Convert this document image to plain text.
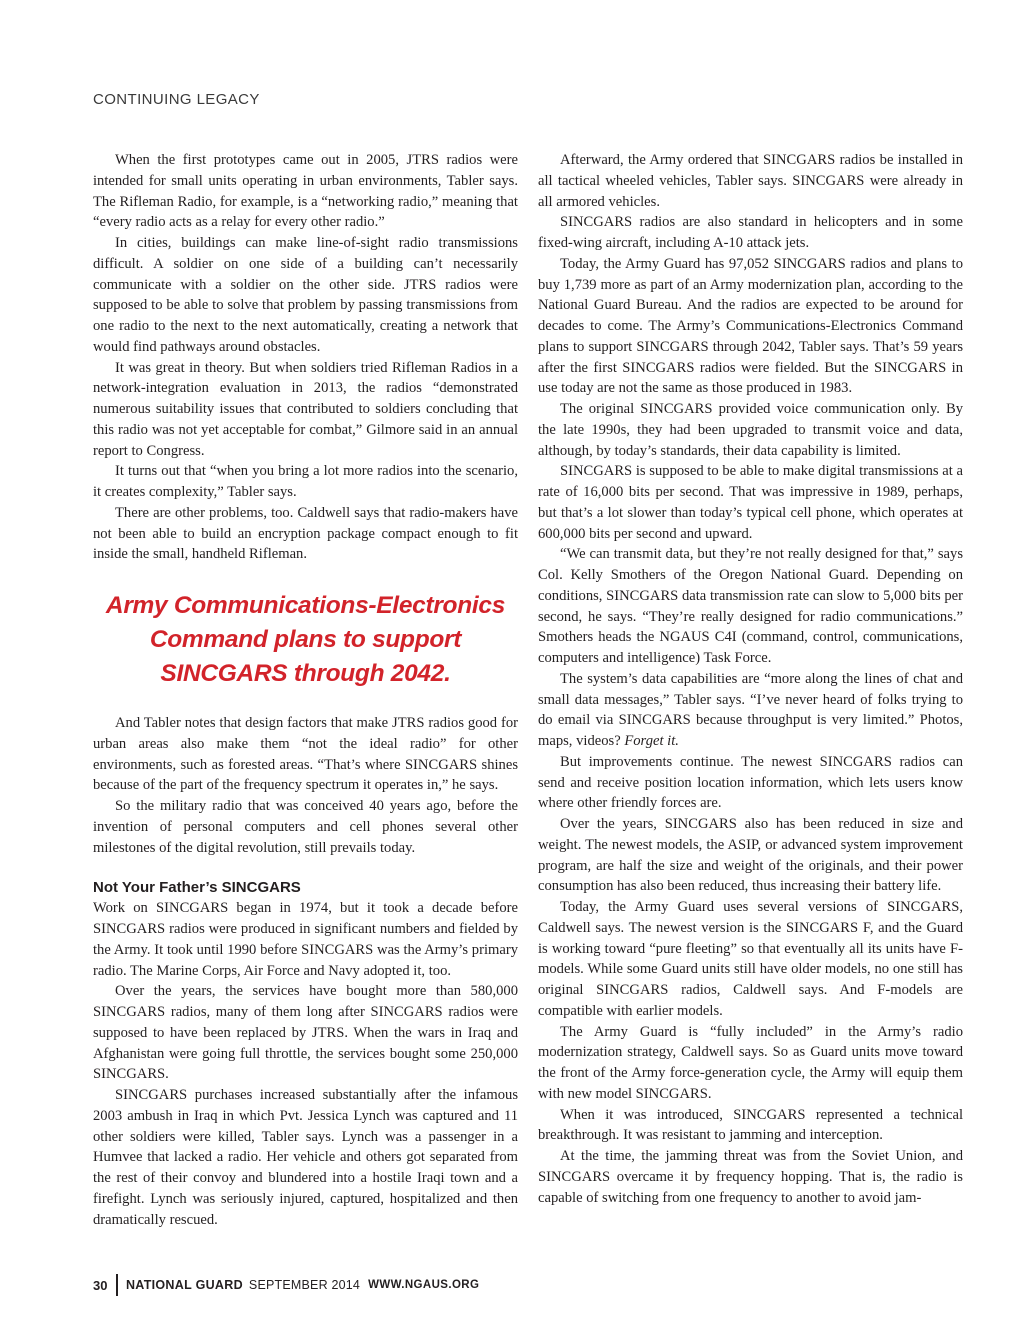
CONTINUING LEGACY

When the first prototypes came out in 2005, JTRS radios were intended for small units operating in urban environments, Tabler says. The Rifleman Radio, for example, is a “networking radio,” meaning that “every radio acts as a relay for every other radio.”

In cities, buildings can make line-of-sight radio transmissions difficult. A soldier on one side of a building can’t necessarily communicate with a soldier on the other side. JTRS radios were supposed to be able to solve that problem by passing transmissions from one radio to the next to the next automatically, creating a network that would find pathways around obstacles.

It was great in theory. But when soldiers tried Rifleman Radios in a network-integration evaluation in 2013, the radios “demonstrated numerous suitability issues that contributed to soldiers concluding that this radio was not yet acceptable for combat,” Gilmore said in an annual report to Congress.

It turns out that “when you bring a lot more radios into the scenario, it creates complexity,” Tabler says.

There are other problems, too. Caldwell says that radio-makers have not been able to build an encryption package compact enough to fit inside the small, handheld Rifleman.

Army Communications-Electronics Command plans to support SINCGARS through 2042.

And Tabler notes that design factors that make JTRS radios good for urban areas also make them “not the ideal radio” for other environments, such as forested areas. “That’s where SINCGARS shines because of the part of the frequency spectrum it operates in,” he says.

So the military radio that was conceived 40 years ago, before the invention of personal computers and cell phones several other milestones of the digital revolution, still prevails today.

Not Your Father’s SINCGARS

Work on SINCGARS began in 1974, but it took a decade before SINCGARS radios were produced in significant numbers and fielded by the Army. It took until 1990 before SINCGARS was the Army’s primary radio. The Marine Corps, Air Force and Navy adopted it, too.

Over the years, the services have bought more than 580,000 SINCGARS radios, many of them long after SINCGARS radios were supposed to have been replaced by JTRS. When the wars in Iraq and Afghanistan were going full throttle, the services bought some 250,000 SINCGARS.

SINCGARS purchases increased substantially after the infamous 2003 ambush in Iraq in which Pvt. Jessica Lynch was captured and 11 other soldiers were killed, Tabler says. Lynch was a passenger in a Humvee that lacked a radio. Her vehicle and others got separated from the rest of their convoy and blundered into a hostile Iraqi town and a firefight. Lynch was seriously injured, captured, hospitalized and then dramatically rescued.

Afterward, the Army ordered that SINCGARS radios be installed in all tactical wheeled vehicles, Tabler says. SINCGARS were already in all armored vehicles.

SINCGARS radios are also standard in helicopters and in some fixed-wing aircraft, including A-10 attack jets.

Today, the Army Guard has 97,052 SINCGARS radios and plans to buy 1,739 more as part of an Army modernization plan, according to the National Guard Bureau. And the radios are expected to be around for decades to come. The Army’s Communications-Electronics Command plans to support SINCGARS through 2042, Tabler says. That’s 59 years after the first SINCGARS radios were fielded. But the SINCGARS in use today are not the same as those produced in 1983.

The original SINCGARS provided voice communication only. By the late 1990s, they had been upgraded to transmit voice and data, although, by today’s standards, their data capability is limited.

SINCGARS is supposed to be able to make digital transmissions at a rate of 16,000 bits per second. That was impressive in 1989, perhaps, but that’s a lot slower than today’s typical cell phone, which operates at 600,000 bits per second and upward.

“We can transmit data, but they’re not really designed for that,” says Col. Kelly Smothers of the Oregon National Guard. Depending on conditions, SINCGARS data transmission rate can slow to 5,000 bits per second, he says. “They’re really designed for radio communications.” Smothers heads the NGAUS C4I (command, control, communications, computers and intelligence) Task Force.

The system’s data capabilities are “more along the lines of chat and small data messages,” Tabler says. “I’ve never heard of folks trying to do email via SINCGARS because throughput is very limited.” Photos, maps, videos? Forget it.

But improvements continue. The newest SINCGARS radios can send and receive position location information, which lets users know where other friendly forces are.

Over the years, SINCGARS also has been reduced in size and weight. The newest models, the ASIP, or advanced system improvement program, are half the size and weight of the originals, and their power consumption has also been reduced, thus increasing their battery life.

Today, the Army Guard uses several versions of SINCGARS, Caldwell says. The newest version is the SINCGARS F, and the Guard is working toward “pure fleeting” so that eventually all its units have F-models. While some Guard units still have older models, no one still has original SINCGARS radios, Caldwell says. And F-models are compatible with earlier models.

The Army Guard is “fully included” in the Army’s radio modernization strategy, Caldwell says. So as Guard units move toward the front of the Army force-generation cycle, the Army will equip them with new model SINCGARS.

When it was introduced, SINCGARS represented a technical breakthrough. It was resistant to jamming and interception.

At the time, the jamming threat was from the Soviet Union, and SINCGARS overcame it by frequency hopping. That is, the radio is capable of switching from one frequency to another to avoid jam-

30 NATIONAL GUARD SEPTEMBER 2014 WWW.NGAUS.ORG
